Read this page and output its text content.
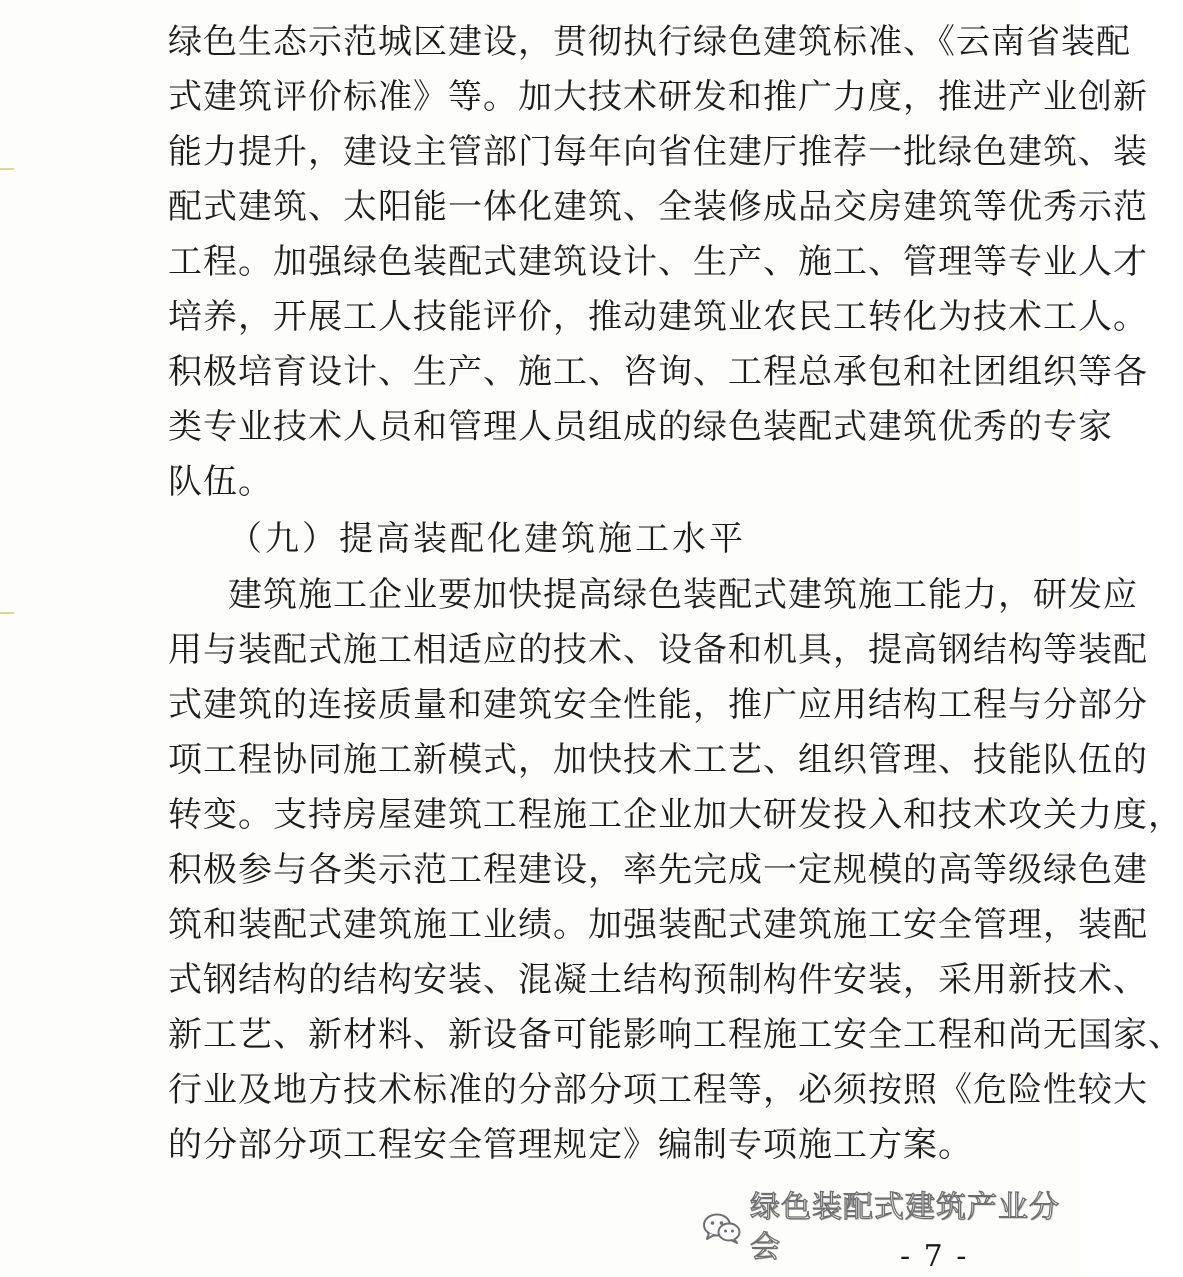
绿色生态示范城区建设，贯彻执行绿色建筑标准、《云南省装配
式建筑评价标准》等。加大技术研发和推广力度，推进产业创新
能力提升，建设主管部门每年向省住建厅推荐一批绿色建筑、装
配式建筑、太阳能一体化建筑、全装修成品交房建筑等优秀示范
工程。加强绿色装配式建筑设计、生产、施工、管理等专业人才
培养，开展工人技能评价，推动建筑业农民工转化为技术工人。
积极培育设计、生产、施工、咨询、工程总承包和社团组织等各
类专业技术人员和管理人员组成的绿色装配式建筑优秀的专家
队伍。
（九）提高装配化建筑施工水平
建筑施工企业要加快提高绿色装配式建筑施工能力，研发应
用与装配式施工相适应的技术、设备和机具，提高钢结构等装配
式建筑的连接质量和建筑安全性能，推广应用结构工程与分部分
项工程协同施工新模式，加快技术工艺、组织管理、技能队伍的
转变。支持房屋建筑工程施工企业加大研发投入和技术攻关力度，
积极参与各类示范工程建设，率先完成一定规模的高等级绿色建
筑和装配式建筑施工业绩。加强装配式建筑施工安全管理，装配
式钢结构的结构安装、混凝土结构预制构件安装，采用新技术、
新工艺、新材料、新设备可能影响工程施工安全工程和尚无国家、
行业及地方技术标准的分部分项工程等，必须按照《危险性较大
的分部分项工程安全管理规定》编制专项施工方案。
绿色装配式建筑产业分会	- 7 -
